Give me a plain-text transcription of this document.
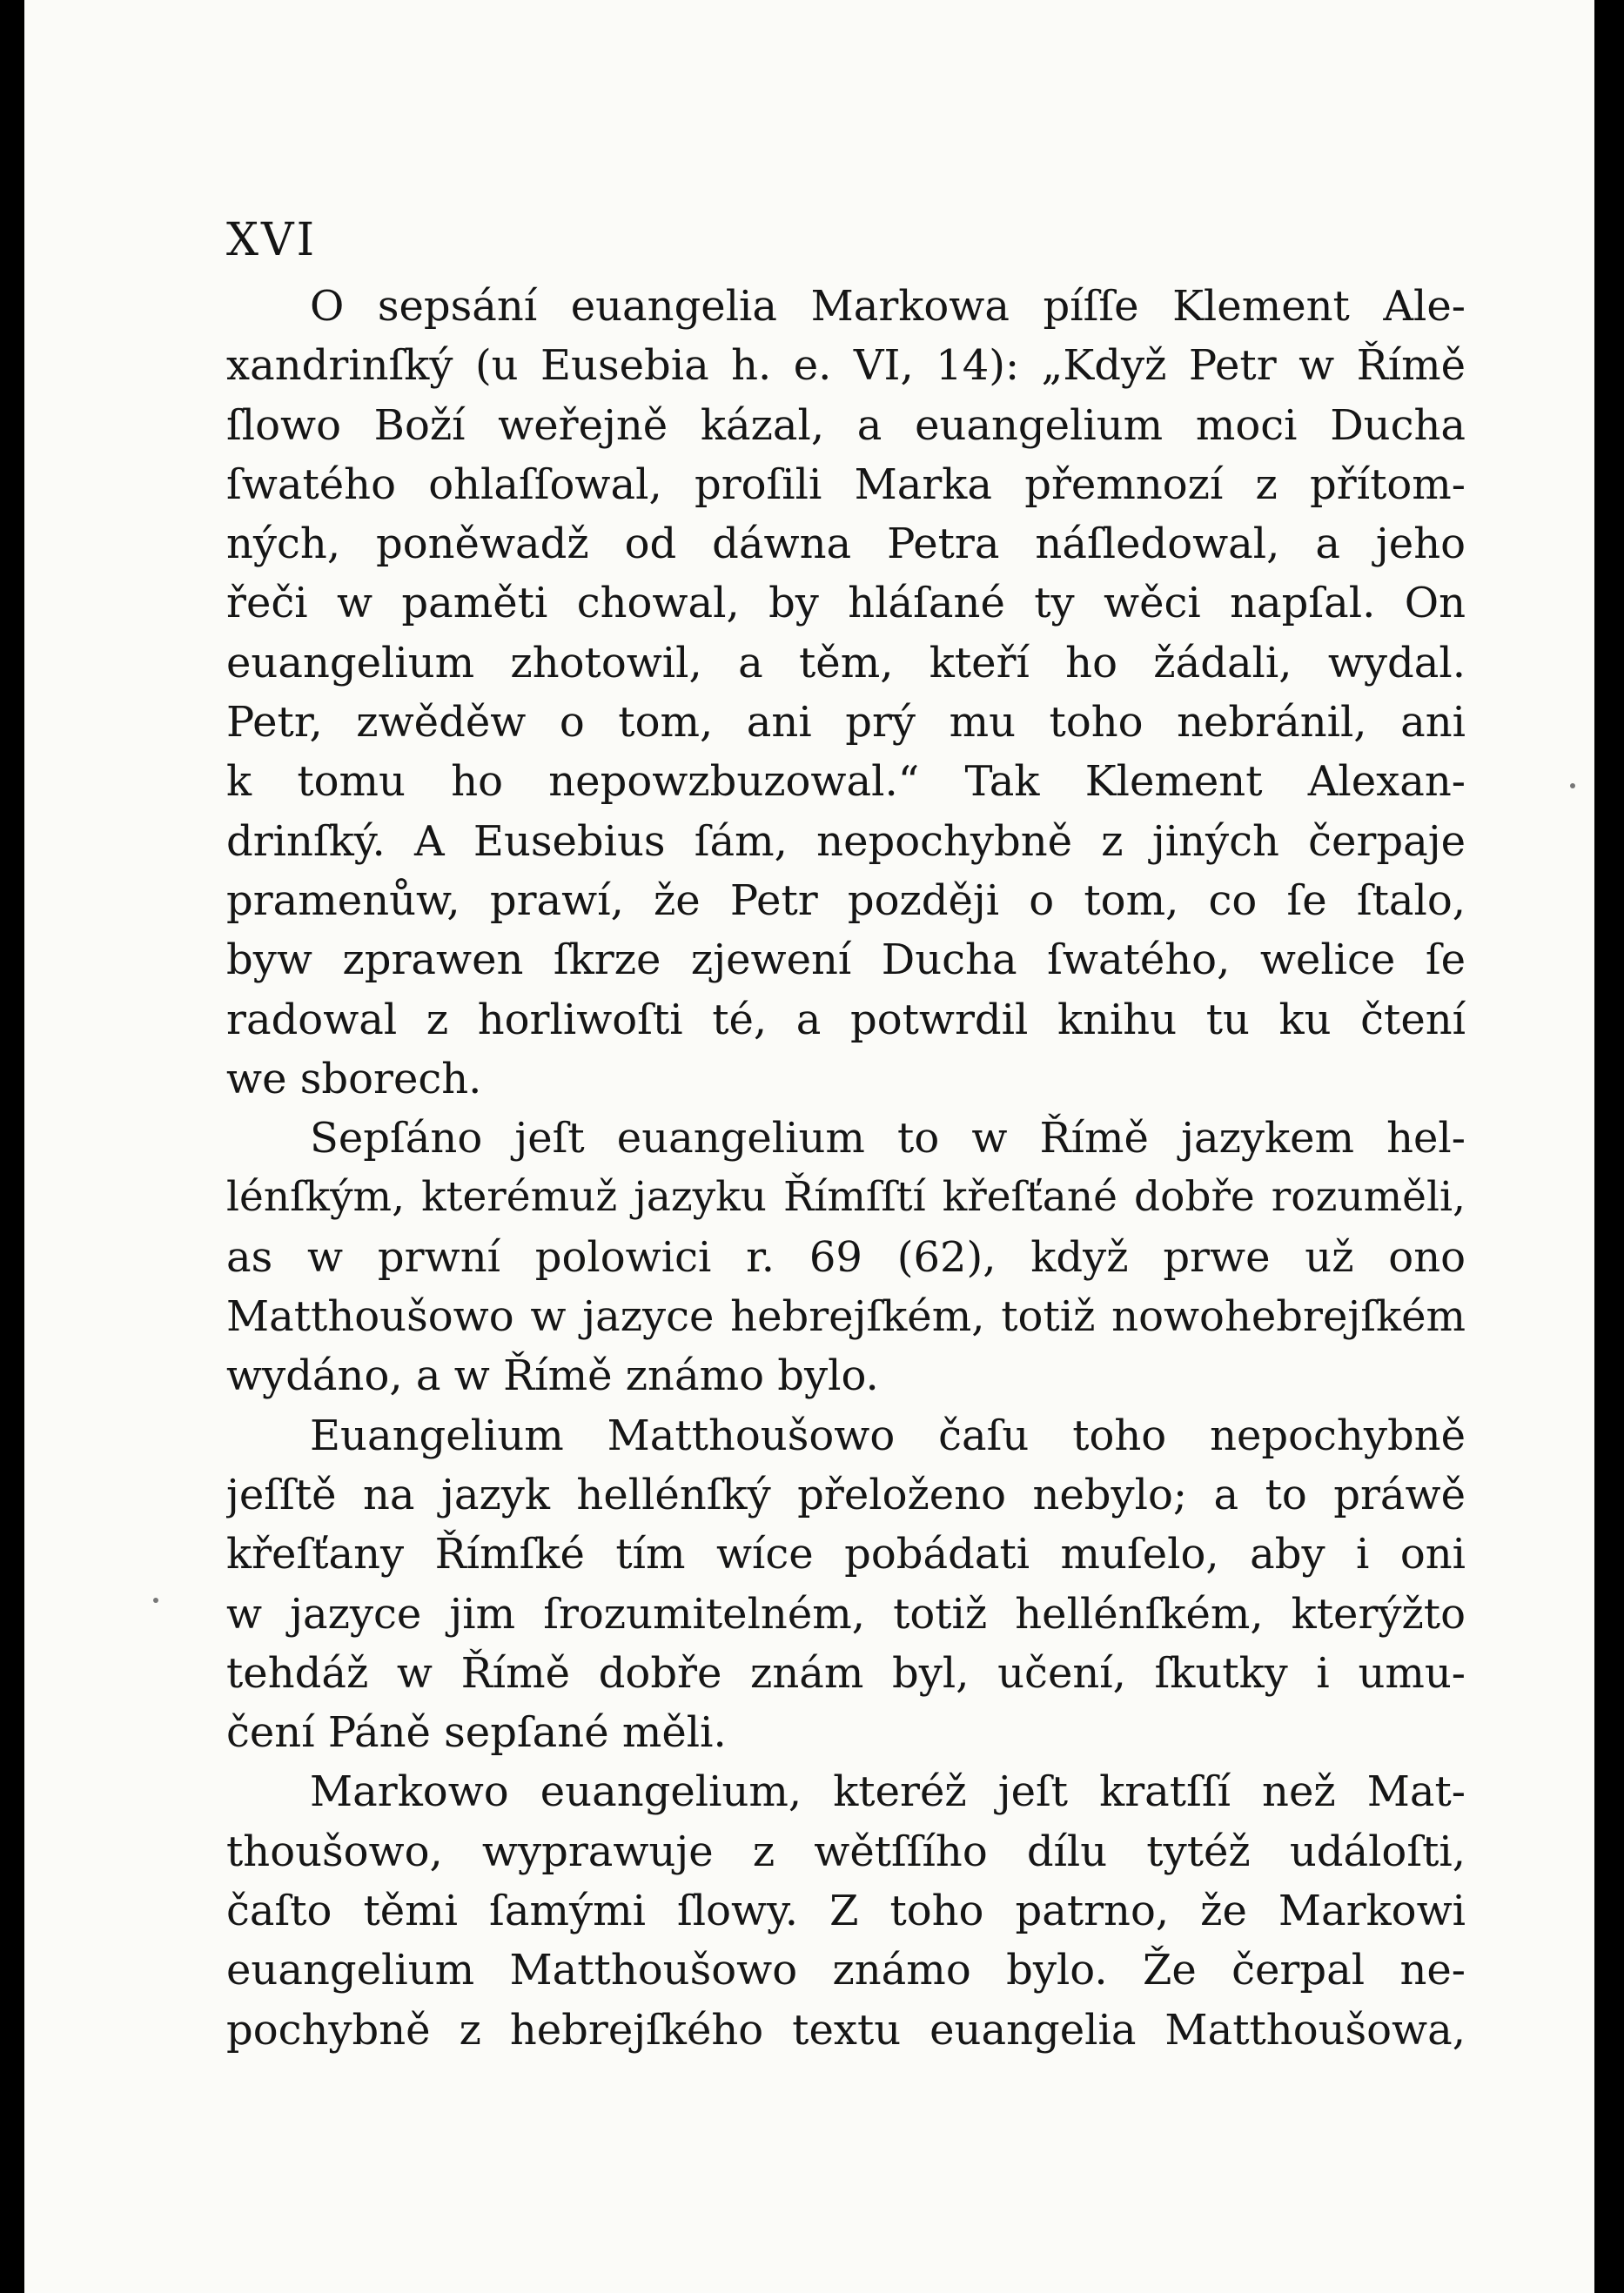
XVI
O sepsání euangelia Markowa píſſe Klement Ale-
xandrinſký (u Eusebia h. e. VI, 14): „Když Petr w Římě
ſlowo Boží weřejně kázal, a euangelium moci Ducha
ſwatého ohlaſſowal, proſili Marka přemnozí z přítom-
ných, poněwadž od dáwna Petra náſledowal, a jeho
řeči w paměti chowal, by hláſané ty wěci napſal. On
euangelium zhotowil, a těm, kteří ho žádali, wydal.
Petr, zwěděw o tom, ani prý mu toho nebránil, ani
k tomu ho nepowzbuzowal.“ Tak Klement Alexan-
drinſký. A Eusebius ſám, nepochybně z jiných čerpaje
pramenůw, prawí, že Petr později o tom, co ſe ſtalo,
byw zprawen ſkrze zjewení Ducha ſwatého, welice ſe
radowal z horliwoſti té, a potwrdil knihu tu ku čtení
we sborech.
Sepſáno jeſt euangelium to w Římě jazykem hel-
lénſkým, kterémuž jazyku Římſſtí křeſťané dobře rozuměli,
as w prwní polowici r. 69 (62), když prwe už ono
Matthoušowo w jazyce hebrejſkém, totiž nowohebrejſkém
wydáno, a w Římě známo bylo.
Euangelium Matthoušowo čaſu toho nepochybně
jeſſtě na jazyk hellénſký přeloženo nebylo; a to práwě
křeſťany Římſké tím wíce pobádati muſelo, aby i oni
w jazyce jim ſrozumitelném, totiž hellénſkém, kterýžto
tehdáž w Římě dobře znám byl, učení, ſkutky i umu-
čení Páně sepſané měli.
Markowo euangelium, kteréž jeſt kratſſí než Mat-
thoušowo, wyprawuje z wětſſího dílu tytéž událoſti,
čaſto těmi ſamými ſlowy. Z toho patrno, že Markowi
euangelium Matthoušowo známo bylo. Že čerpal ne-
pochybně z hebrejſkého textu euangelia Matthoušowa,
